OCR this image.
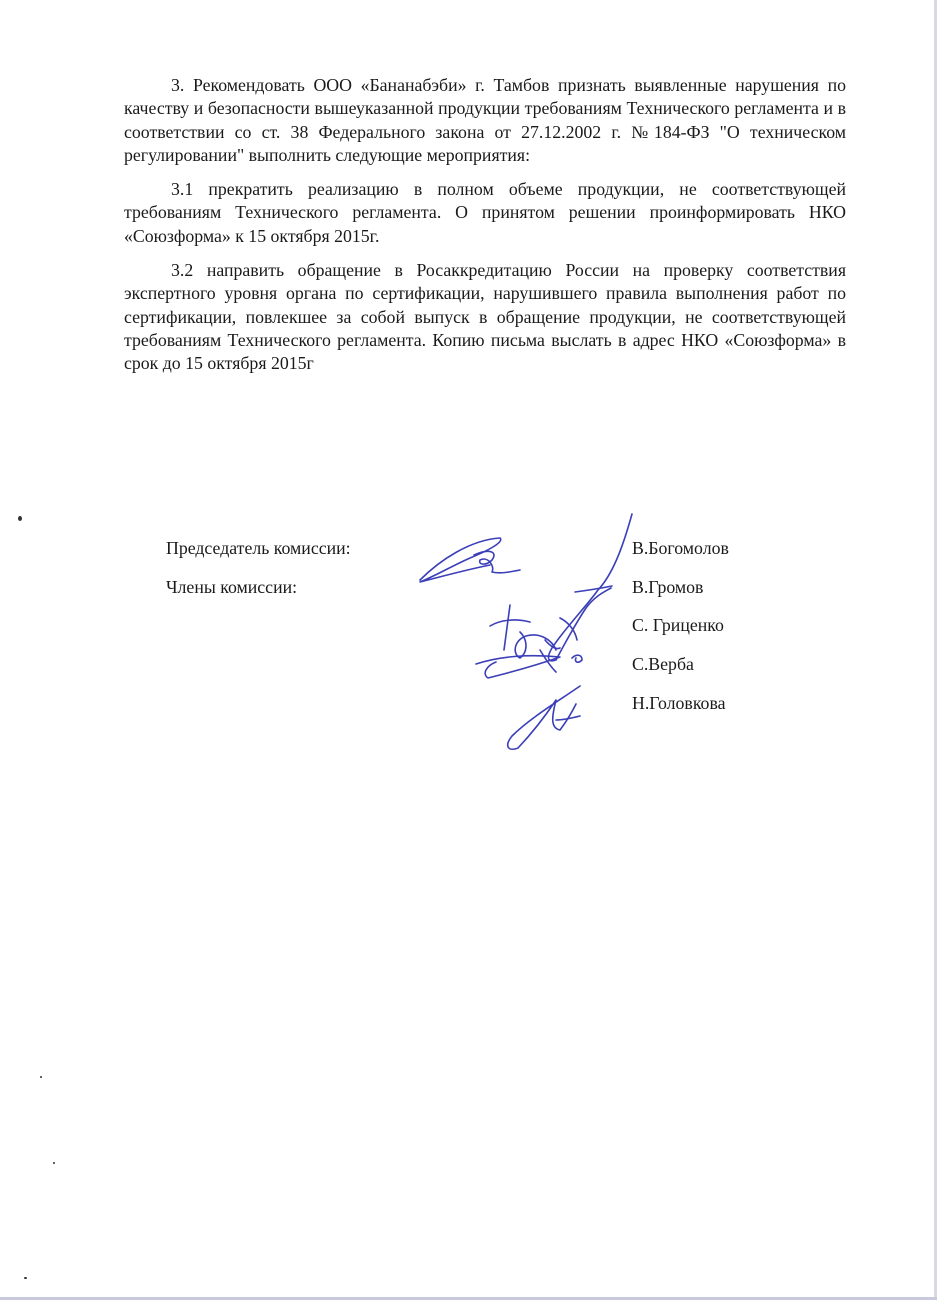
3. Рекомендовать ООО «Бананабэби» г. Тамбов признать выявленные нарушения по качеству и безопасности вышеуказанной продукции требованиям Технического регламента и в соответствии со ст. 38 Федерального закона от 27.12.2002 г. №184-ФЗ "О техническом регулировании" выполнить следующие мероприятия:

3.1 прекратить реализацию в полном объеме продукции, не соответствующей требованиям Технического регламента. О принятом решении проинформировать НКО «Союзформа» к 15 октября 2015г.

3.2 направить обращение в Росаккредитацию России на проверку соответствия экспертного уровня органа по сертификации, нарушившего правила выполнения работ по сертификации, повлекшее за собой выпуск в обращение продукции, не соответствующей требованиям Технического регламента. Копию письма выслать в адрес НКО «Союзформа» в срок до 15 октября 2015г

Председатель комиссии:
Члены комиссии:
В.Богомолов
В.Громов
С. Гриценко
С.Верба
Н.Головкова
